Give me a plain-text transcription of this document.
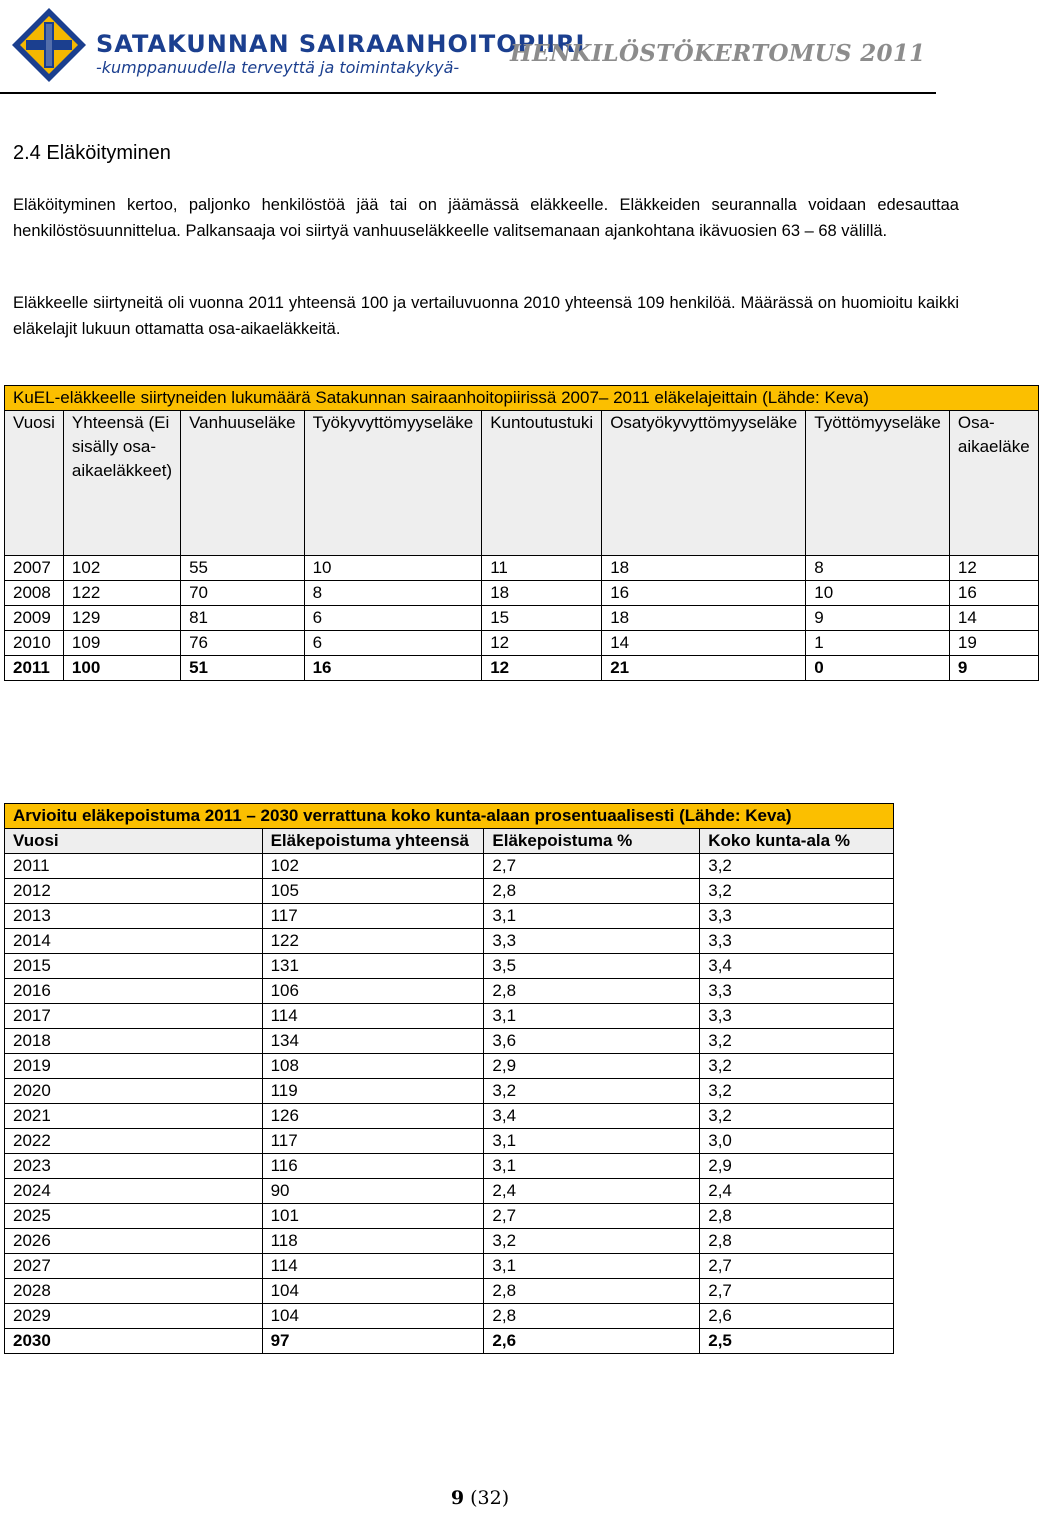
SATAKUNNAN SAIRAANHOITOPIIRI
-kumppanuudella terveyttä ja toimintakykyä-
HENKILÖSTÖKERTOMUS 2011
2.4 Eläköityminen
Eläköityminen kertoo, paljonko henkilöstöä jää tai on jäämässä eläkkeelle. Eläkkeiden seurannalla voidaan edesauttaa henkilöstösuunnittelua. Palkansaaja voi siirtyä vanhuuseläkkeelle valitsemanaan ajankohtana ikävuosien 63 – 68 välillä.
Eläkkeelle siirtyneitä oli vuonna 2011 yhteensä 100 ja vertailuvuonna 2010 yhteensä 109 henkilöä. Määrässä on huomioitu kaikki eläkelajit lukuun ottamatta osa-aikaeläkkeitä.
KuEL-eläkkeelle siirtyneiden lukumäärä Satakunnan sairaanhoitopiirissä 2007– 2011 eläkelajeittain (Lähde: Keva)							
Vuosi	Yhteensä (Ei sisälly osa-aikaeläkkeet)	Vanhuuseläke	Työkyvyttömyyseläke	Kuntoutustuki	Osatyökyvyttömyyseläke	Työttömyyseläke	Osa-aikaeläke
2007	102	55	10	11	18	8	12
2008	122	70	8	18	16	10	16
2009	129	81	6	15	18	9	14
2010	109	76	6	12	14	1	19
2011	100	51	16	12	21	0	9
Arvioitu eläkepoistuma 2011 – 2030 verrattuna koko kunta-alaan prosentuaalisesti (Lähde: Keva)			
Vuosi	Eläkepoistuma yhteensä	Eläkepoistuma %	Koko kunta-ala %
2011	102	2,7	3,2
2012	105	2,8	3,2
2013	117	3,1	3,3
2014	122	3,3	3,3
2015	131	3,5	3,4
2016	106	2,8	3,3
2017	114	3,1	3,3
2018	134	3,6	3,2
2019	108	2,9	3,2
2020	119	3,2	3,2
2021	126	3,4	3,2
2022	117	3,1	3,0
2023	116	3,1	2,9
2024	90	2,4	2,4
2025	101	2,7	2,8
2026	118	3,2	2,8
2027	114	3,1	2,7
2028	104	2,8	2,7
2029	104	2,8	2,6
2030	97	2,6	2,5
9 (32)
